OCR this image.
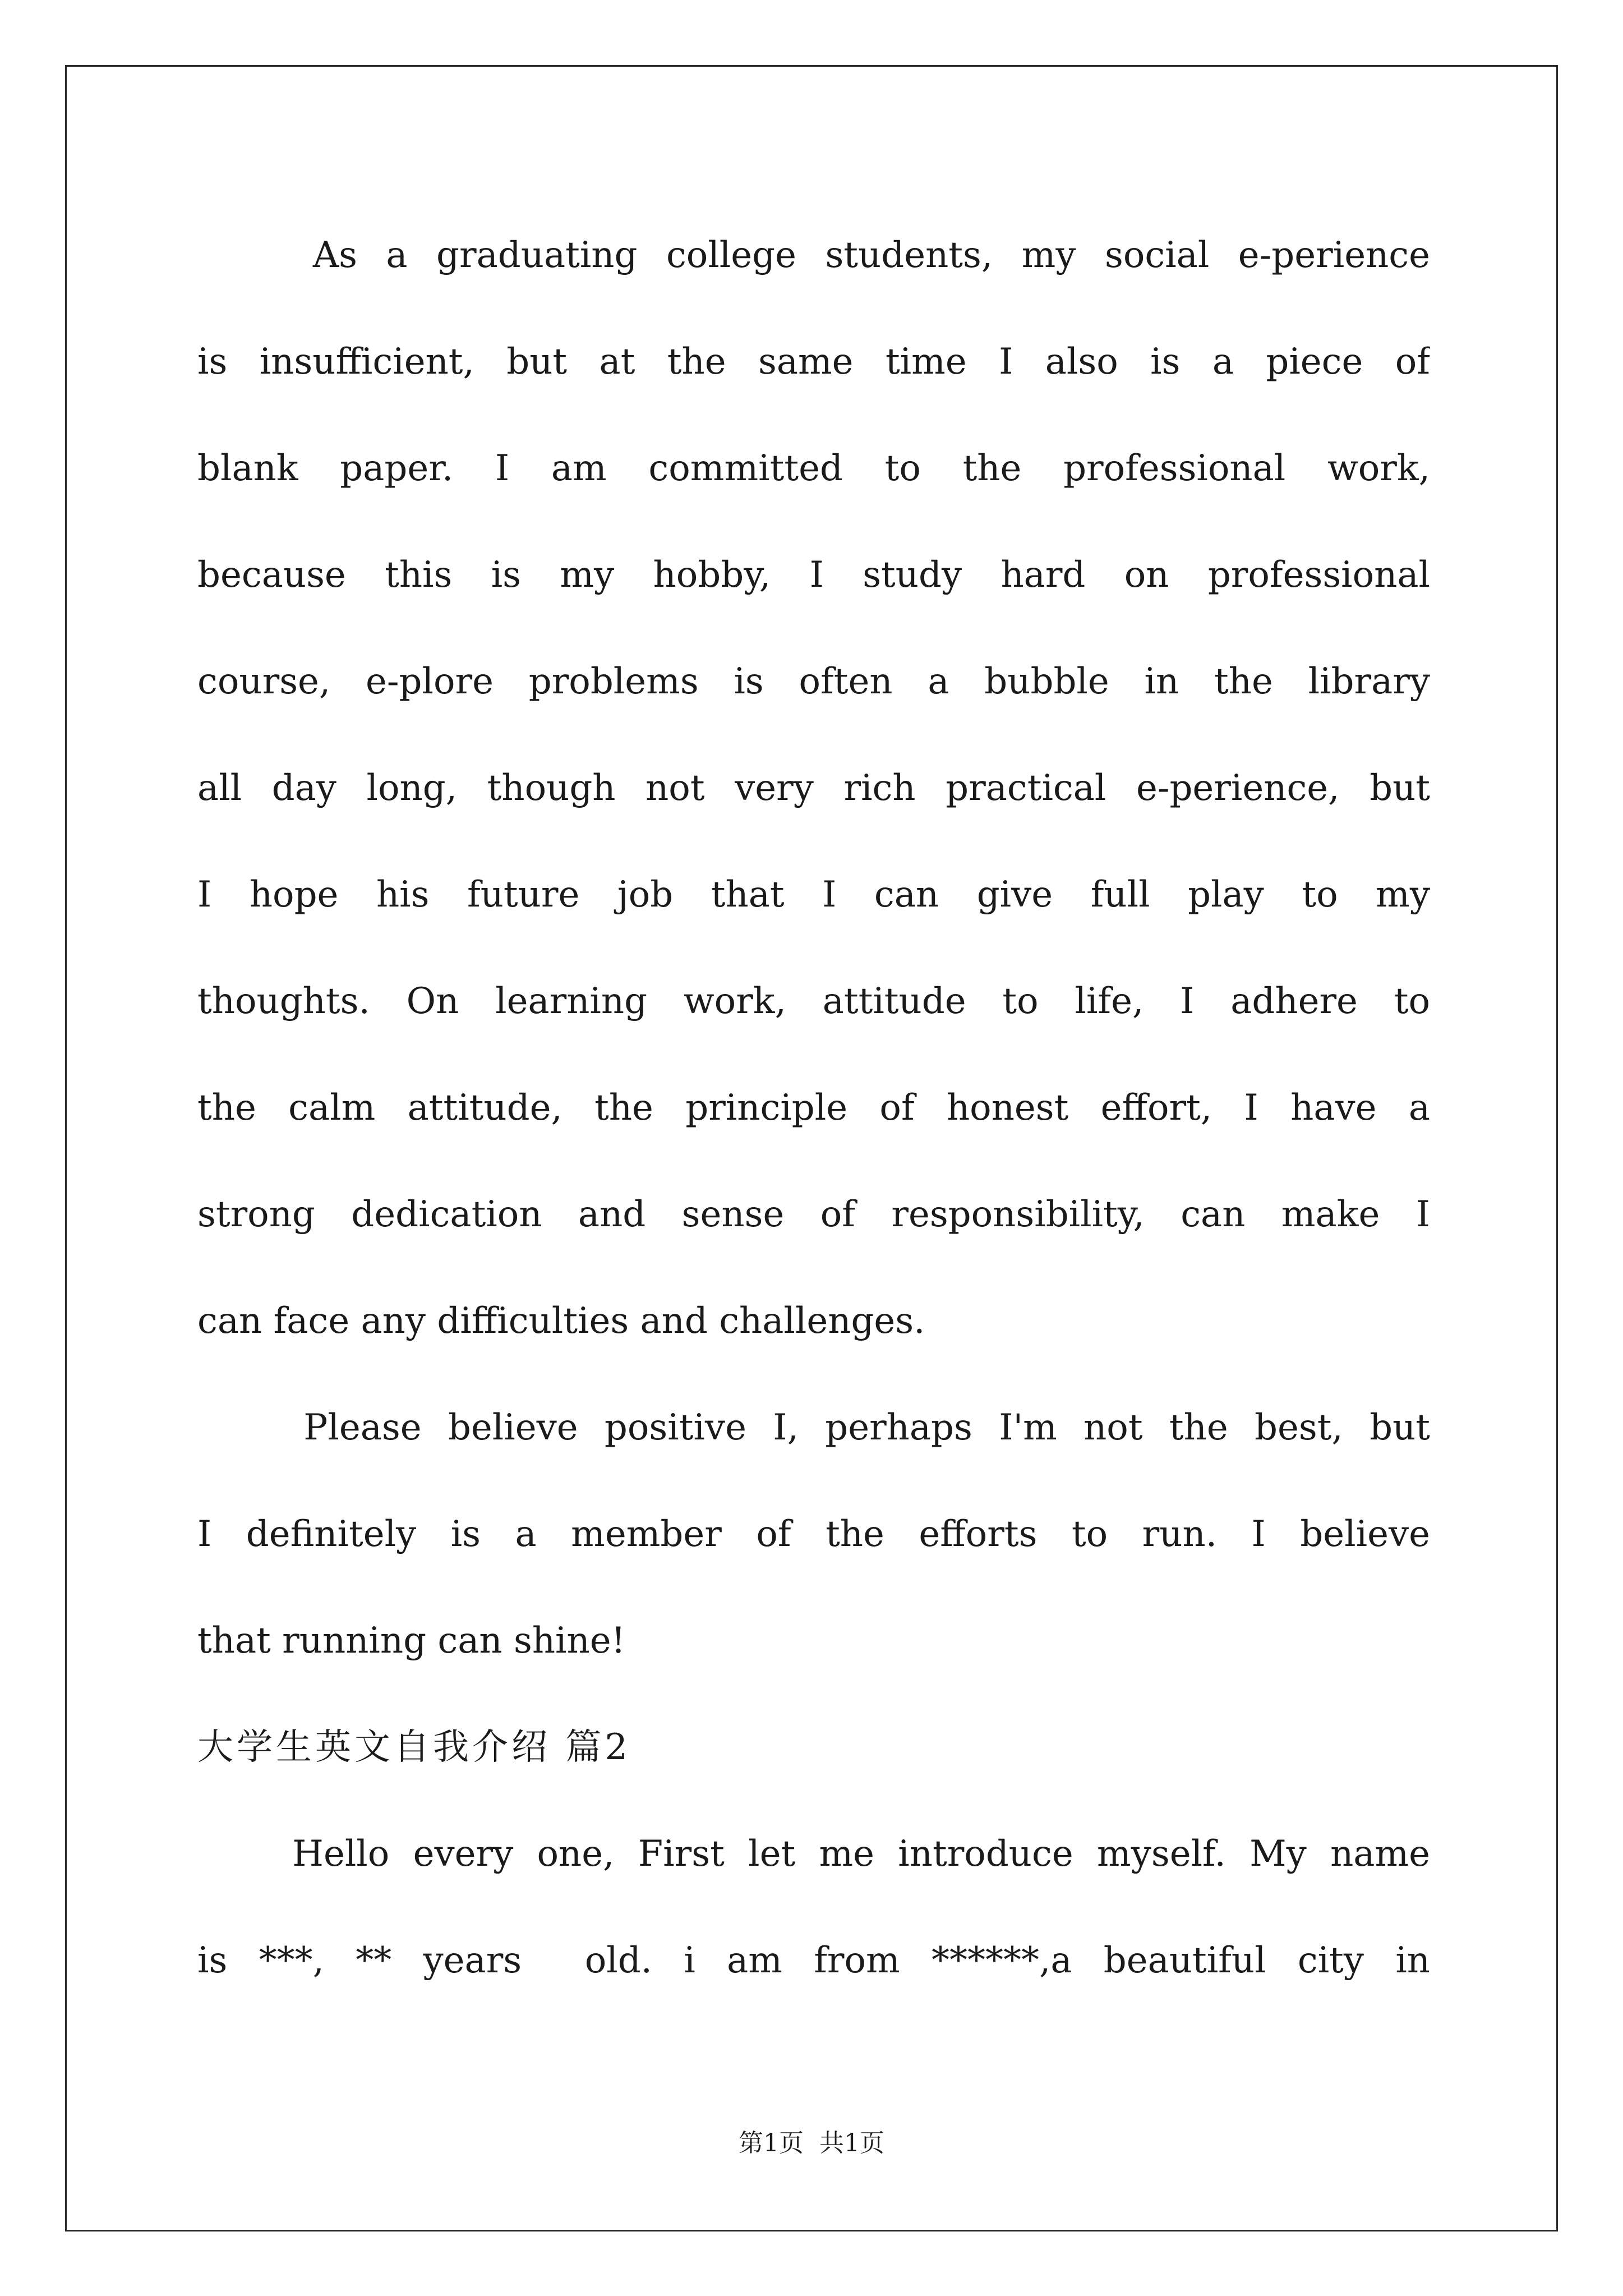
As a graduating college students, my social e-perience
is insufficient, but at the same time I also is a piece of
blank paper. I am committed to the professional work,
because this is my hobby, I study hard on professional
course, e-plore problems is often a bubble in the library
all day long, though not very rich practical e-perience, but
I hope his future job that I can give full play to my
thoughts. On learning work, attitude to life, I adhere to
the calm attitude, the principle of honest effort, I have a
strong dedication and sense of responsibility, can make I
can face any difficulties and challenges.
Please believe positive I, perhaps I'm not the best, but
I definitely is a member of the efforts to run. I believe
that running can shine!
大学生英文自我介绍 篇2
Hello every one, First let me introduce myself. My name
is ***, ** years  old. i am from ******,a beautiful city in
第1页  共1页
